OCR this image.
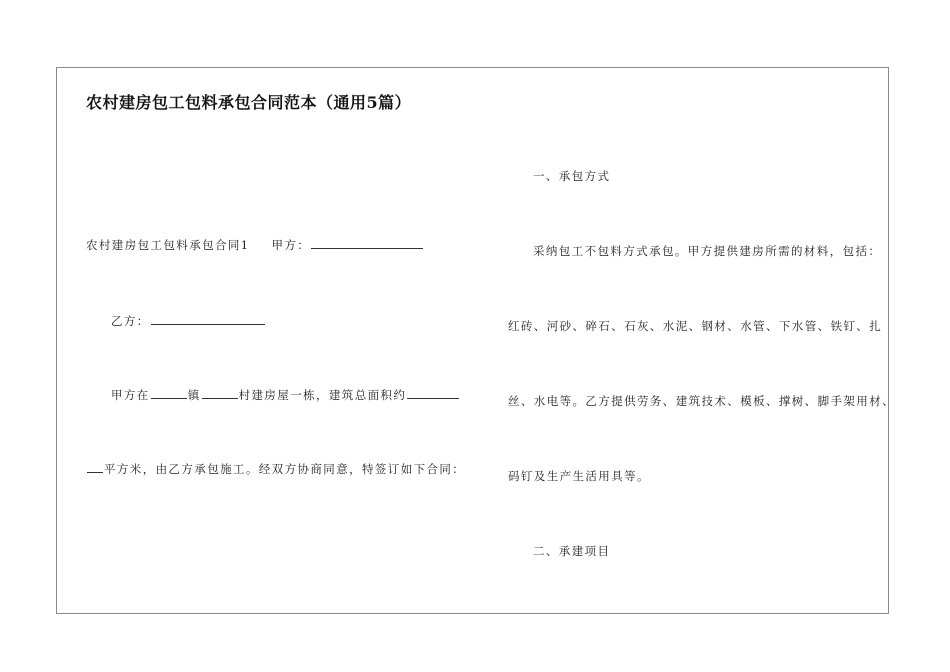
农村建房包工包料承包合同范本（通用5篇）
农村建房包工包料承包合同1 甲方：
乙方：
甲方在	镇	村建房屋一栋，建筑总面积约
平方米，由乙方承包施工。经双方协商同意，特签订如下合同：
一、承包方式
采纳包工不包料方式承包。甲方提供建房所需的材料，包括：
红砖、河砂、碎石、石灰、水泥、钢材、水管、下水管、铁钉、扎
丝、水电等。乙方提供劳务、建筑技术、模板、撑树、脚手架用材、
码钉及生产生活用具等。
二、承建项目
